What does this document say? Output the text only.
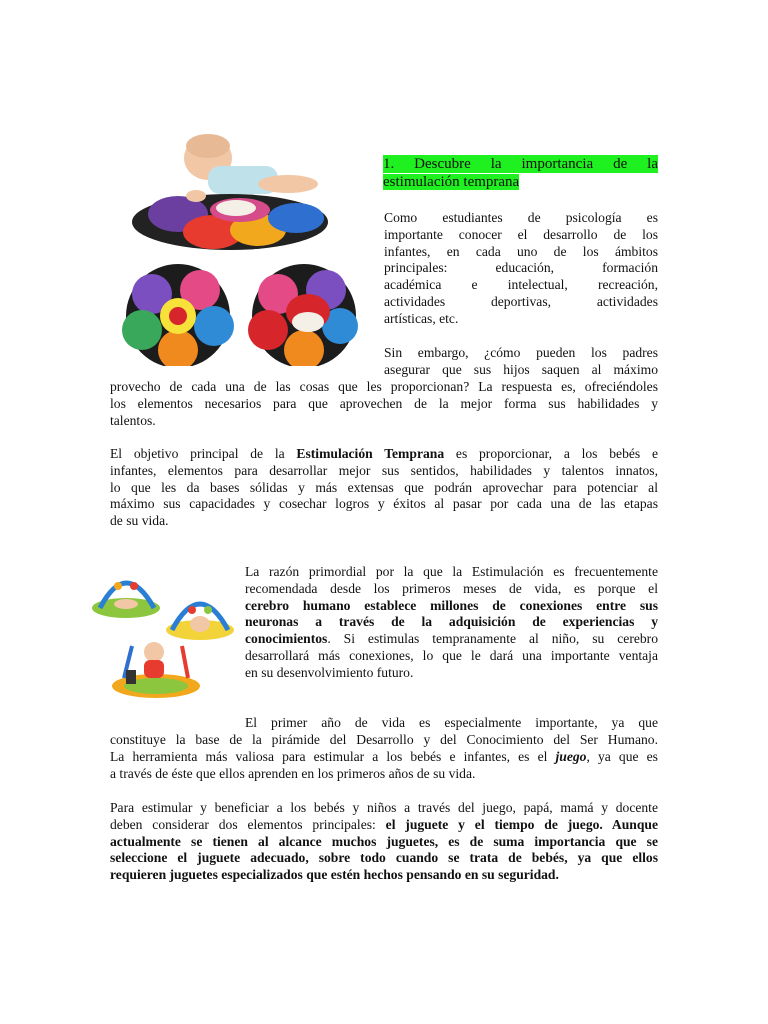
1. Descubre la importancia de la
estimulación temprana
Como estudiantes de psicología es
importante conocer el desarrollo de los
infantes, en cada uno de los ámbitos
principales: educación, formación
académica e intelectual, recreación,
actividades deportivas, actividades
artísticas, etc.
Sin embargo, ¿cómo pueden los padres
asegurar que sus hijos saquen al máximo
provecho de cada una de las cosas que les proporcionan? La respuesta es, ofreciéndoles
los elementos necesarios para que aprovechen de la mejor forma sus habilidades y
talentos.
El objetivo principal de la Estimulación Temprana es proporcionar, a los bebés e
infantes, elementos para desarrollar mejor sus sentidos, habilidades y talentos innatos,
lo que les da bases sólidas y más extensas que podrán aprovechar para potenciar al
máximo sus capacidades y cosechar logros y éxitos al pasar por cada una de las etapas
de su vida.
La razón primordial por la que la Estimulación es frecuentemente
recomendada desde los primeros meses de vida, es porque el
cerebro humano establece millones de conexiones entre sus
neuronas a través de la adquisición de experiencias y
conocimientos. Si estimulas tempranamente al niño, su cerebro
desarrollará más conexiones, lo que le dará una importante ventaja
en su desenvolvimiento futuro.
El primer año de vida es especialmente importante, ya que
constituye la base de la pirámide del Desarrollo y del Conocimiento del Ser Humano.
La herramienta más valiosa para estimular a los bebés e infantes, es el juego, ya que es
a través de éste que ellos aprenden en los primeros años de su vida.
Para estimular y beneficiar a los bebés y niños a través del juego, papá, mamá y docente
deben considerar dos elementos principales: el juguete y el tiempo de juego. Aunque
actualmente se tienen al alcance muchos juguetes, es de suma importancia que se
seleccione el juguete adecuado, sobre todo cuando se trata de bebés, ya que ellos
requieren juguetes especializados que estén hechos pensando en su seguridad.
